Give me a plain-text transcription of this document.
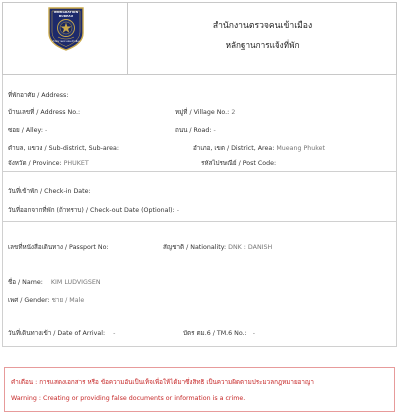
IMMIGRATION BUREAU
สำนักงานตรวจคนเข้าเมือง
สำนักงานตรวจคนเข้าเมือง
หลักฐานการแจ้งที่พัก
ที่พักอาศัย / Address:
บ้านเลขที่ / Address No.:	หมู่ที่ / Village No.: 2
ซอย / Alley: -	ถนน / Road: -
ตำบล, แขวง / Sub-district, Sub-area:	อำเภอ, เขต / District, Area: Mueang Phuket
จังหวัด / Province: PHUKET	รหัสไปรษณีย์ / Post Code:
วันที่เข้าพัก / Check-in Date:
วันที่ออกจากที่พัก (ถ้าทราบ) / Check-out Date (Optional): -
เลขที่หนังสือเดินทาง / Passport No:	สัญชาติ / Nationality: DNK : DANISH
ชื่อ / Name: KIM LUDVIGSEN
เพศ / Gender: ชาย / Male
วันที่เดินทางเข้า / Date of Arrival: -	บัตร ตม.6 / TM.6 No.: -
คำเตือน : การแสดงเอกสาร หรือ ข้อความอันเป็นเท็จเพื่อให้ได้มาซึ่งสิทธิ เป็นความผิดตามประมวลกฎหมายอาญา
Warning : Creating or providing false documents or information is a crime.
